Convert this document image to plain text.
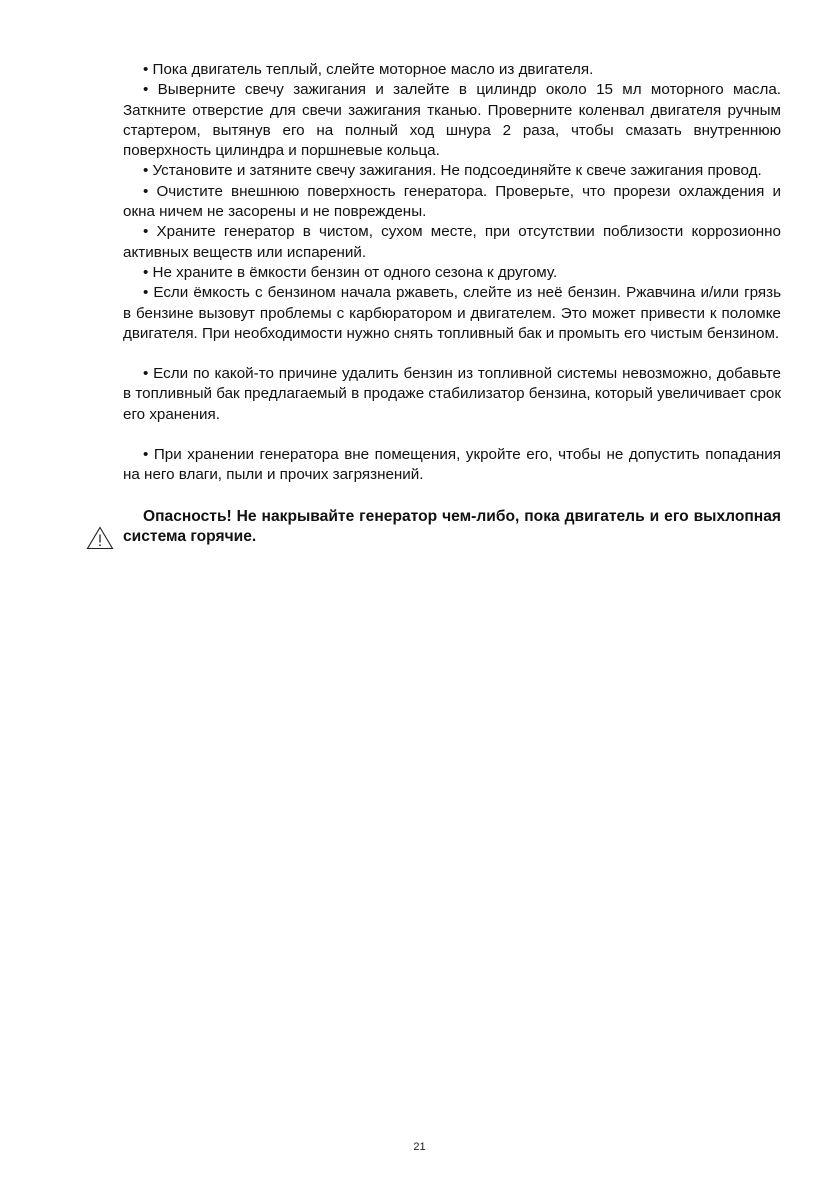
• Пока двигатель теплый, слейте моторное масло из двигателя.

• Выверните свечу зажигания и залейте в цилиндр около 15 мл моторного масла. Заткните отверстие для свечи зажигания тканью. Проверните коленвал двигателя ручным стартером, вытянув его на полный ход шнура 2 раза, чтобы смазать внутреннюю поверхность цилиндра и поршневые кольца.

• Установите и затяните свечу зажигания. Не подсоединяйте к свече зажигания провод.

• Очистите внешнюю поверхность генератора. Проверьте, что прорези охлаждения и окна ничем не засорены и не повреждены.

• Храните генератор в чистом, сухом месте, при отсутствии поблизости коррозионно активных веществ или испарений.

• Не храните в ёмкости бензин от одного сезона к другому.

• Если ёмкость с бензином начала ржаветь, слейте из неё бензин. Ржавчина и/или грязь в бензине вызовут проблемы с карбюратором и двигателем. Это может привести к поломке двигателя. При необходимости нужно снять топливный бак и промыть его чистым бензином.

• Если по какой-то причине удалить бензин из топливной системы невозможно, добавьте в топливный бак предлагаемый в продаже стабилизатор бензина, который увеличивает срок его хранения.

• При хранении генератора вне помещения, укройте его, чтобы не допустить попадания на него влаги, пыли и прочих загрязнений.

Опасность! Не накрывайте генератор чем-либо, пока двигатель и его выхлопная система горячие.

21
